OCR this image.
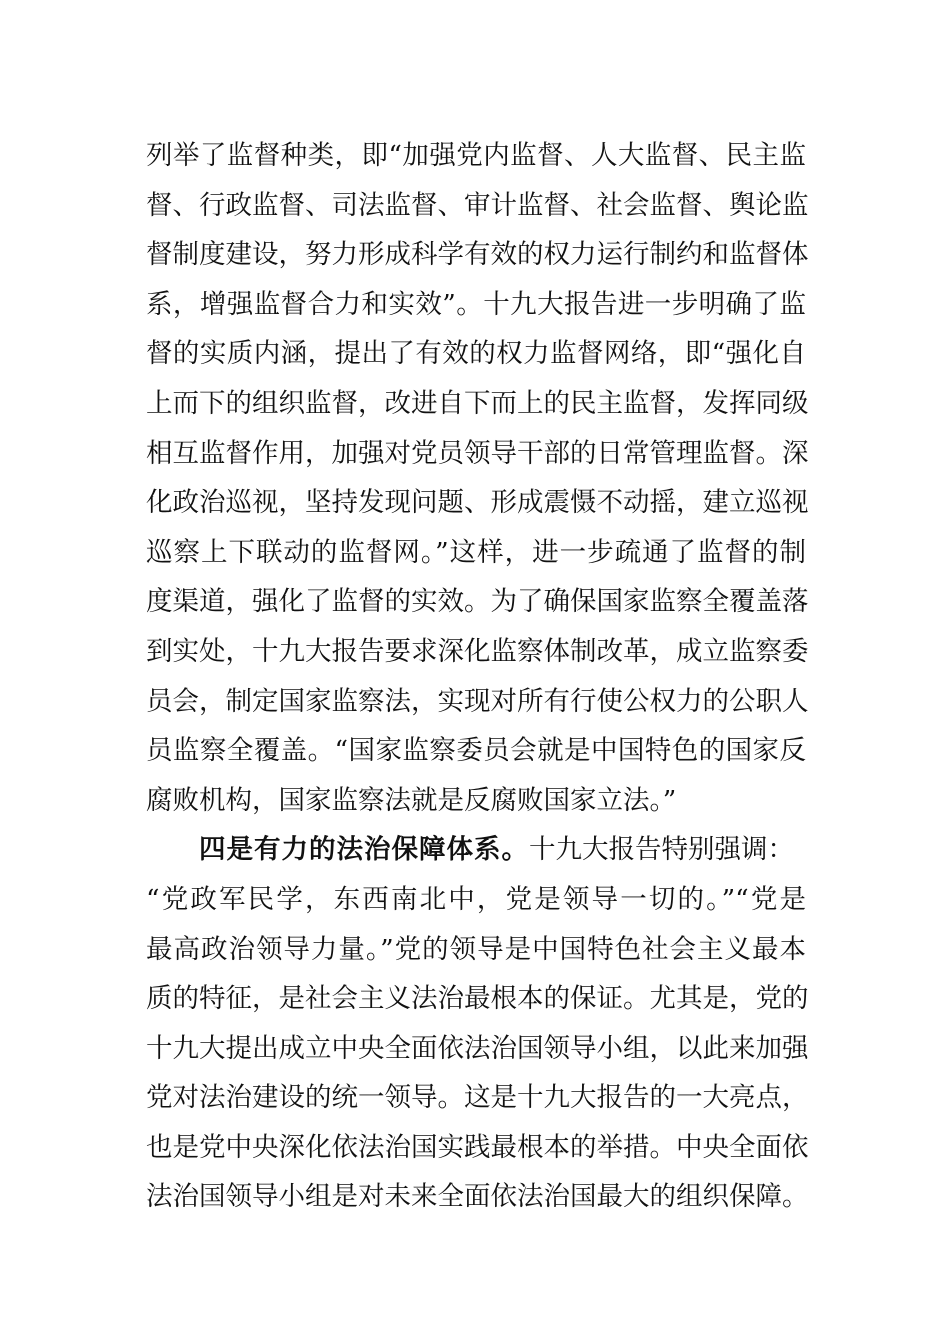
列举了监督种类，即“加强党内监督、人大监督、民主监
督、行政监督、司法监督、审计监督、社会监督、舆论监
督制度建设，努力形成科学有效的权力运行制约和监督体
系，增强监督合力和实效”。十九大报告进一步明确了监
督的实质内涵，提出了有效的权力监督网络，即“强化自
上而下的组织监督，改进自下而上的民主监督，发挥同级
相互监督作用，加强对党员领导干部的日常管理监督。深
化政治巡视，坚持发现问题、形成震慑不动摇，建立巡视
巡察上下联动的监督网。”这样，进一步疏通了监督的制
度渠道，强化了监督的实效。为了确保国家监察全覆盖落
到实处，十九大报告要求深化监察体制改革，成立监察委
员会，制定国家监察法，实现对所有行使公权力的公职人
员监察全覆盖。“国家监察委员会就是中国特色的国家反
腐败机构，国家监察法就是反腐败国家立法。”
四是有力的法治保障体系。十九大报告特别强调：
“党政军民学，东西南北中，党是领导一切的。”“党是
最高政治领导力量。”党的领导是中国特色社会主义最本
质的特征，是社会主义法治最根本的保证。尤其是，党的
十九大提出成立中央全面依法治国领导小组，以此来加强
党对法治建设的统一领导。这是十九大报告的一大亮点，
也是党中央深化依法治国实践最根本的举措。中央全面依
法治国领导小组是对未来全面依法治国最大的组织保障。
